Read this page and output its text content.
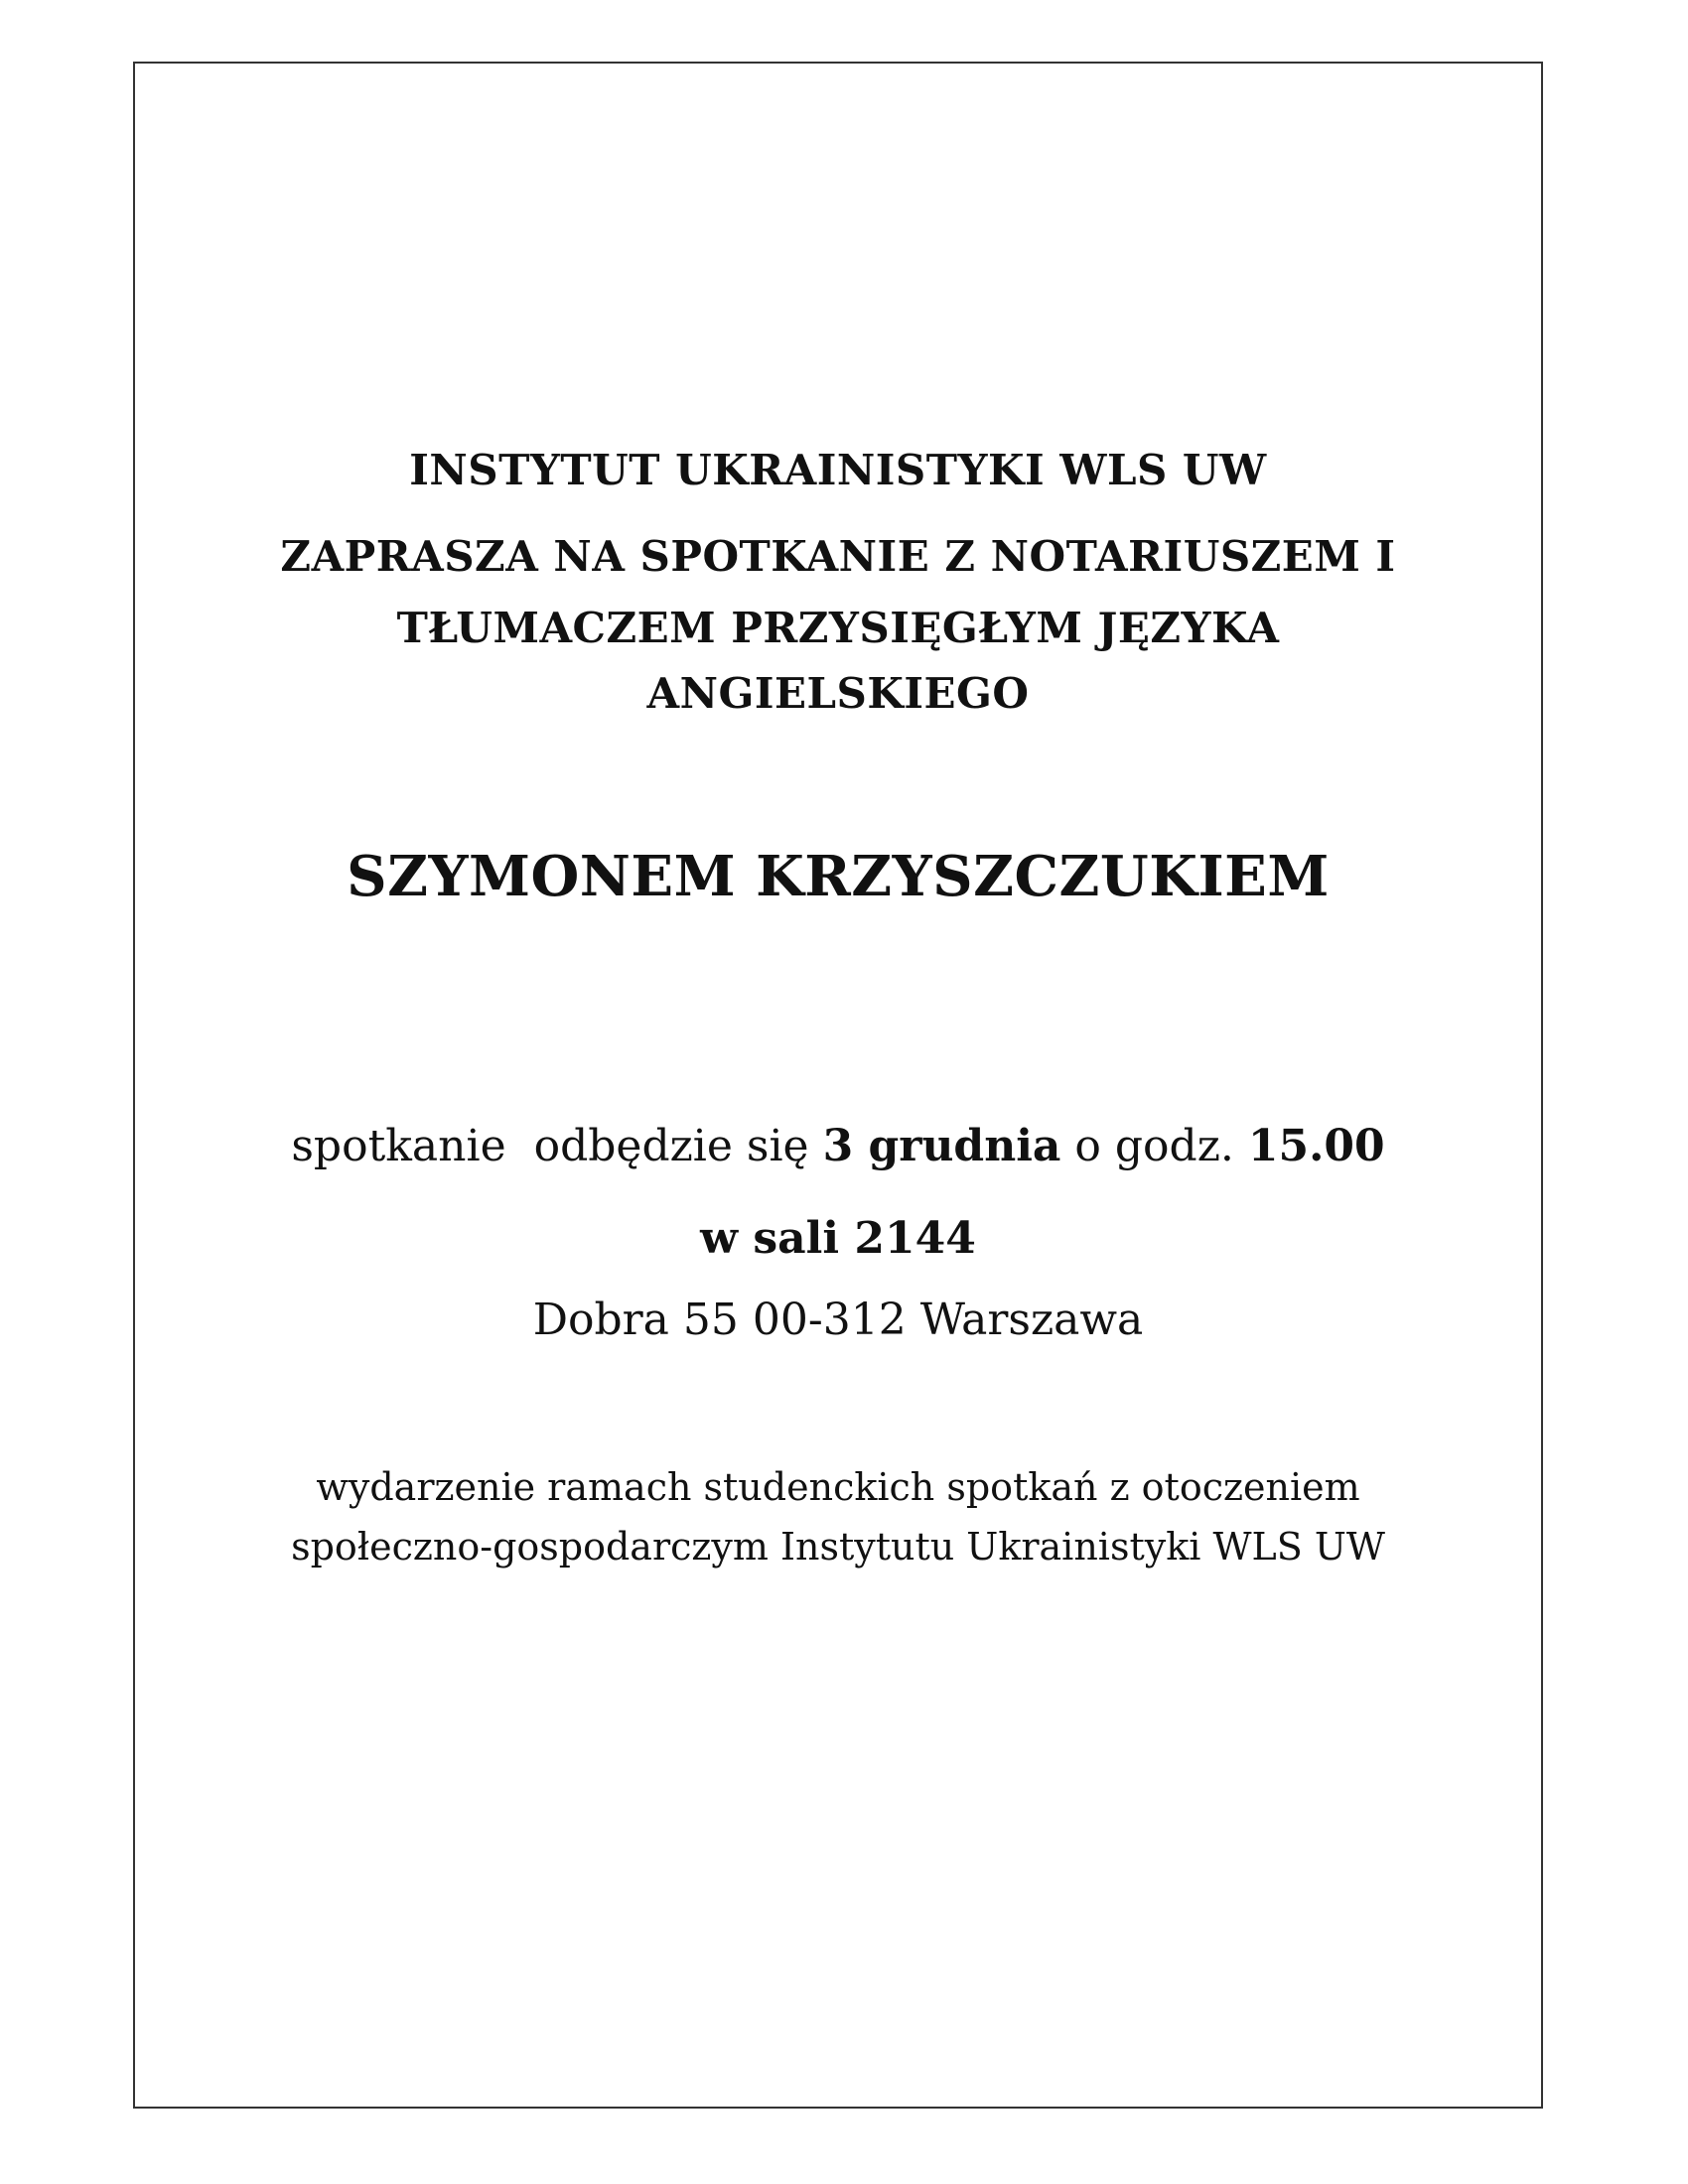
INSTYTUT UKRAINISTYKI WLS UW
ZAPRASZA NA SPOTKANIE Z NOTARIUSZEM I
TŁUMACZEM PRZYSIĘGŁYM JĘZYKA
ANGIELSKIEGO
SZYMONEM KRZYSZCZUKIEM
spotkanie  odbędzie się 3 grudnia o godz. 15.00
w sali 2144
Dobra 55 00-312 Warszawa
wydarzenie ramach studenckich spotkań z otoczeniem
społeczno-gospodarczym Instytutu Ukrainistyki WLS UW
